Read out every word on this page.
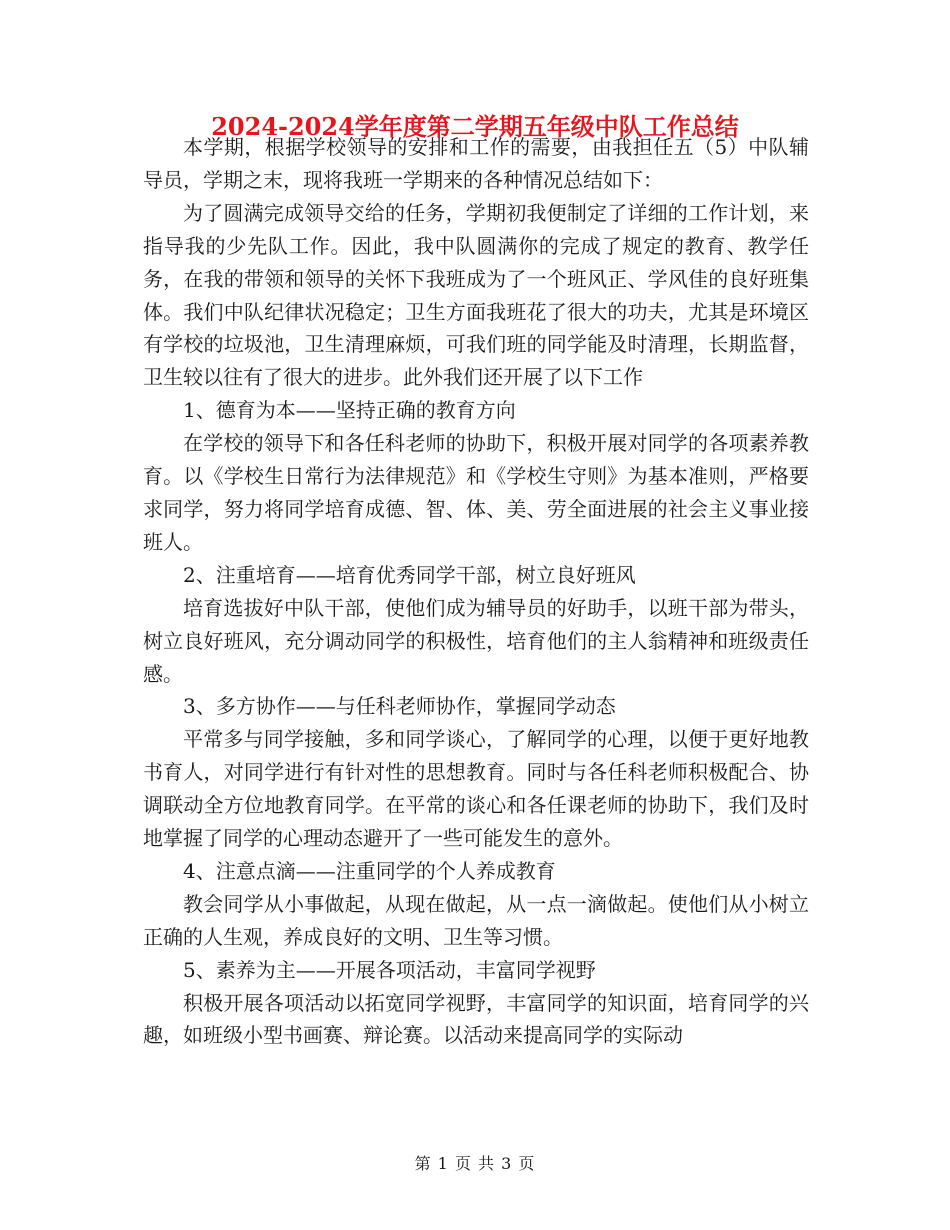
2024-2024学年度第二学期五年级中队工作总结

本学期，根据学校领导的安排和工作的需要，由我担任五（5）中队辅导员，学期之末，现将我班一学期来的各种情况总结如下：

为了圆满完成领导交给的任务，学期初我便制定了详细的工作计划，来指导我的少先队工作。因此，我中队圆满你的完成了规定的教育、教学任务，在我的带领和领导的关怀下我班成为了一个班风正、学风佳的良好班集体。我们中队纪律状况稳定；卫生方面我班花了很大的功夫，尤其是环境区有学校的垃圾池，卫生清理麻烦，可我们班的同学能及时清理，长期监督，卫生较以往有了很大的进步。此外我们还开展了以下工作

1、德育为本——坚持正确的教育方向

在学校的领导下和各任科老师的协助下，积极开展对同学的各项素养教育。以《学校生日常行为法律规范》和《学校生守则》为基本准则，严格要求同学，努力将同学培育成德、智、体、美、劳全面进展的社会主义事业接班人。

2、注重培育——培育优秀同学干部，树立良好班风

培育选拔好中队干部，使他们成为辅导员的好助手，以班干部为带头，树立良好班风，充分调动同学的积极性，培育他们的主人翁精神和班级责任感。

3、多方协作——与任科老师协作，掌握同学动态

平常多与同学接触，多和同学谈心，了解同学的心理，以便于更好地教书育人，对同学进行有针对性的思想教育。同时与各任科老师积极配合、协调联动全方位地教育同学。在平常的谈心和各任课老师的协助下，我们及时地掌握了同学的心理动态避开了一些可能发生的意外。

4、注意点滴——注重同学的个人养成教育

教会同学从小事做起，从现在做起，从一点一滴做起。使他们从小树立正确的人生观，养成良好的文明、卫生等习惯。

5、素养为主——开展各项活动，丰富同学视野

积极开展各项活动以拓宽同学视野，丰富同学的知识面，培育同学的兴趣，如班级小型书画赛、辩论赛。以活动来提高同学的实际动

第 1 页 共 3 页
